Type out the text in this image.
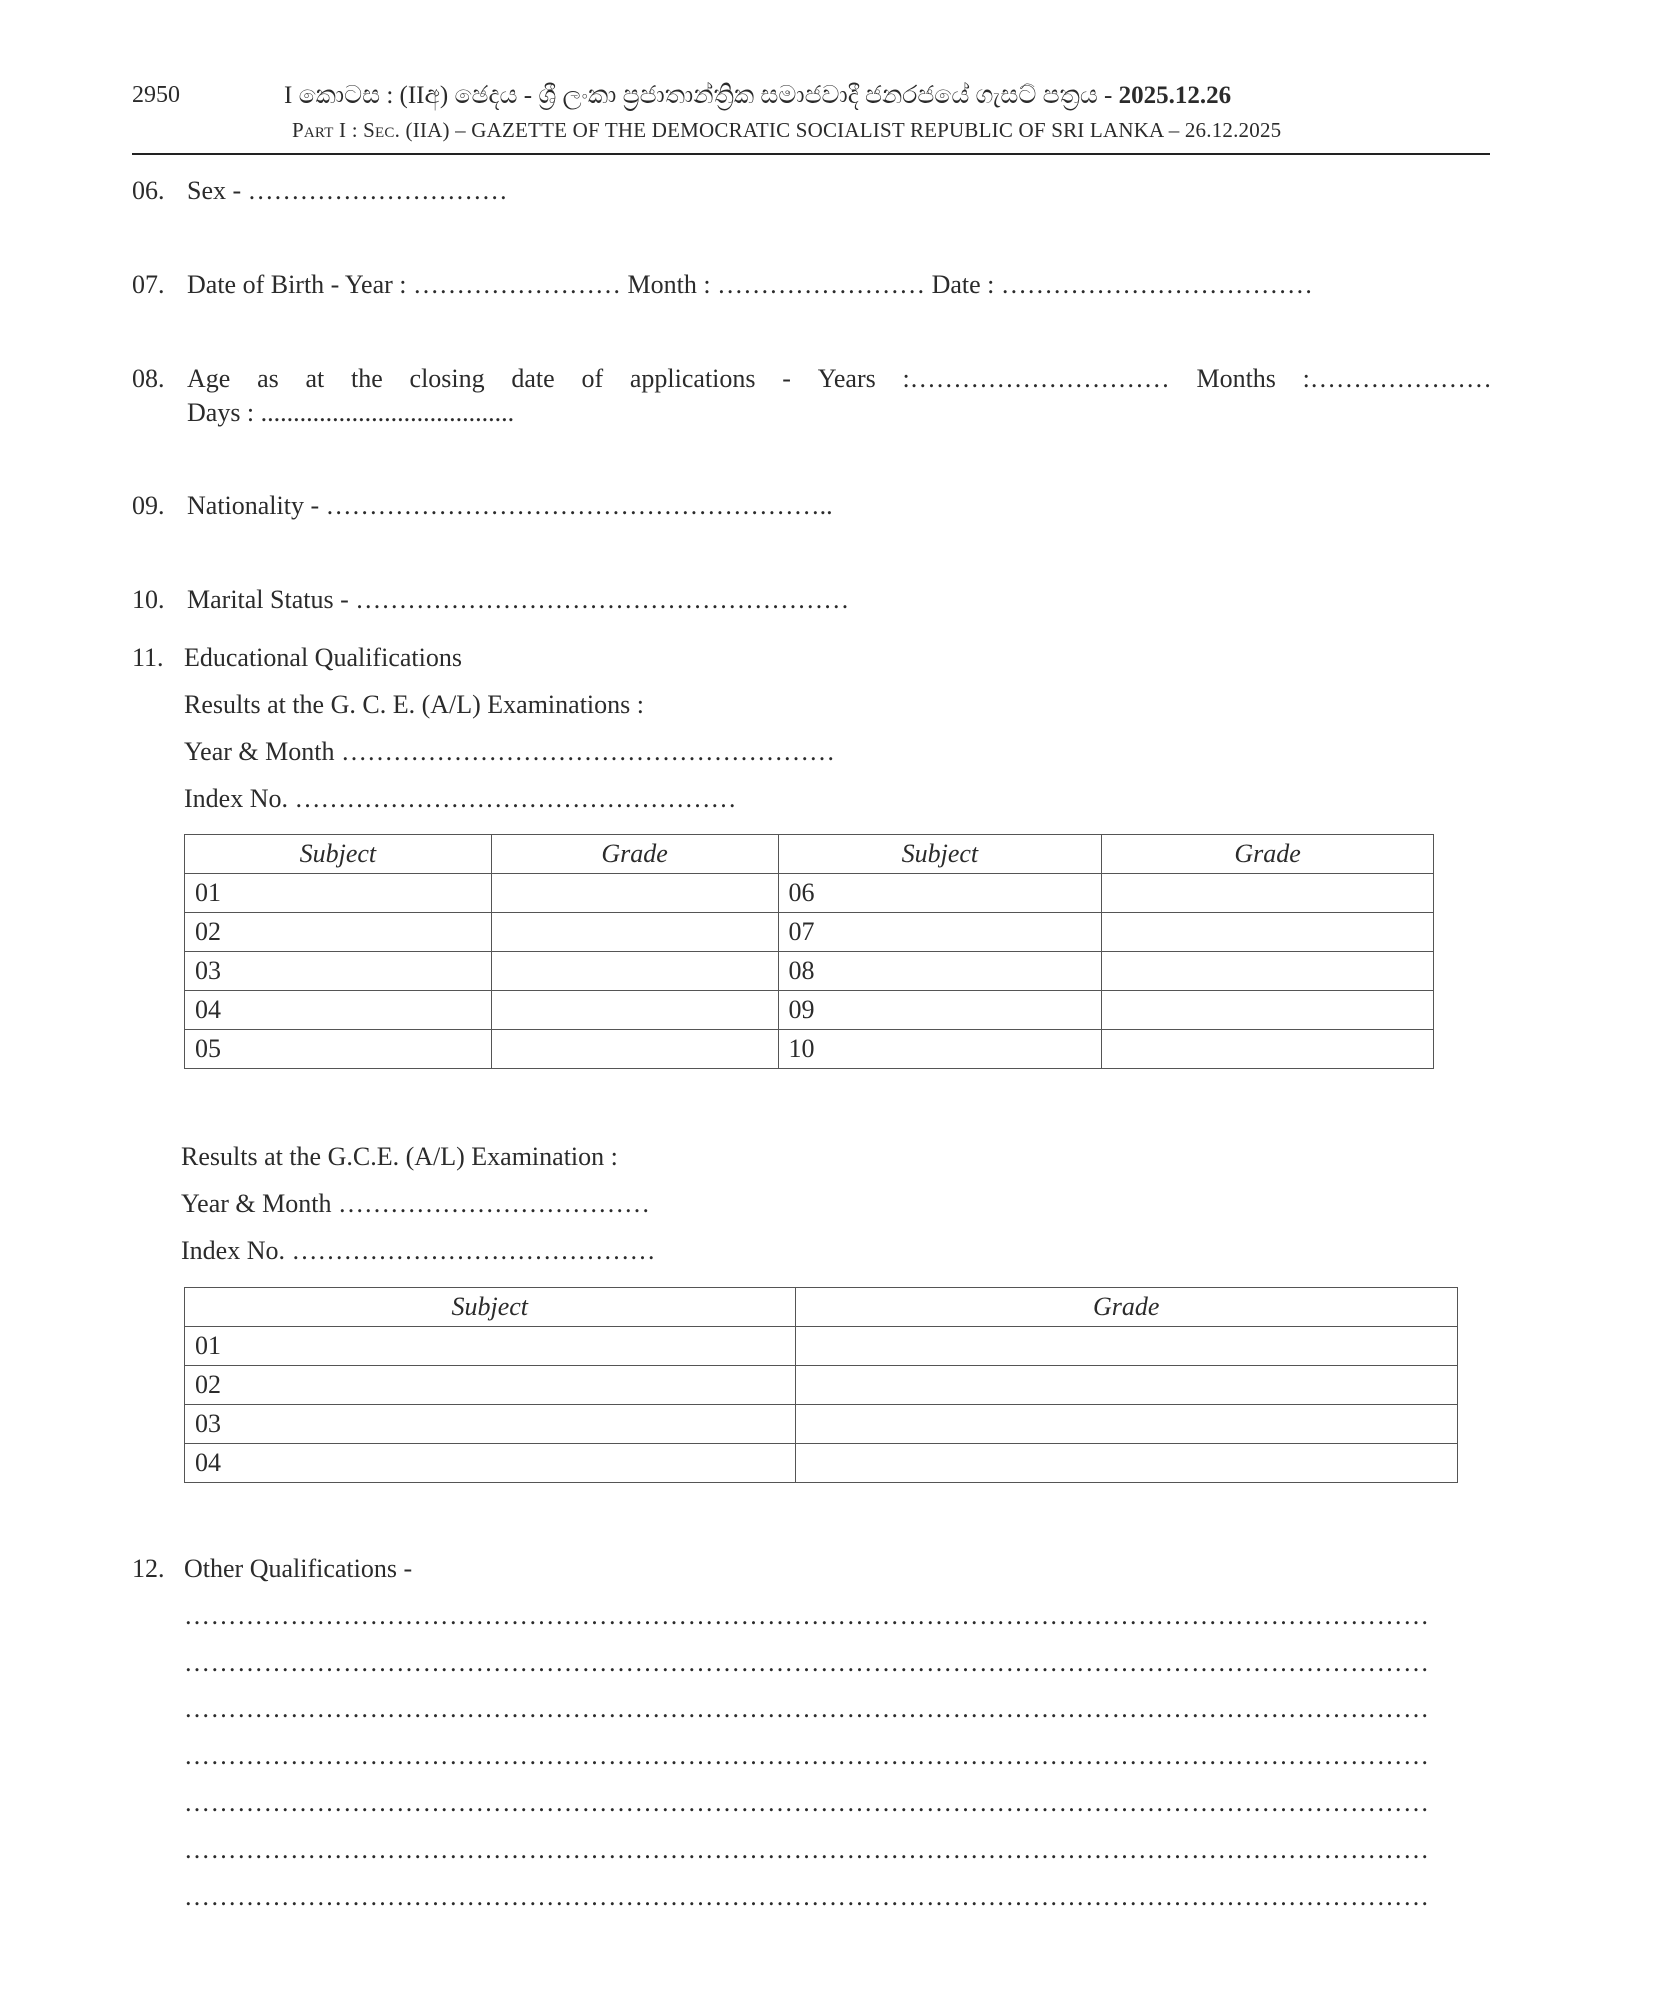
2950	I කොටස : (IIඅ) ඡෙදය - ශ්‍රී ලංකා ප්‍රජාතාන්ත්‍රික සමාජවාදී ජනරජයේ ගැසට් පත්‍රය - 2025.12.26
Part I : Sec. (IIA) – GAZETTE OF THE DEMOCRATIC SOCIALIST REPUBLIC OF SRI LANKA – 26.12.2025
06. Sex - …………………………
07. Date of Birth - Year : …………………… Month : …………………… Date : ………………………………
08. Age as at the closing date of applications - Years :………………………… Months :…………………
Days : .......................................
09. Nationality - …………………………………………………..
10. Marital Status - …………………………………………………
11. Educational Qualifications
Results at the G. C. E. (A/L) Examinations :
Year & Month …………………………………………………
Index No. ……………………………………………
Subject	Grade	Subject	Grade
01		06	
02		07	
03		08	
04		09	
05		10	
Results at the G.C.E. (A/L) Examination :
Year & Month ………………………………
Index No. ……………………………………
Subject	Grade
01	
02	
03	
04	
12. Other Qualifications -
……………………………………………………………………………………………………………………………
……………………………………………………………………………………………………………………………
……………………………………………………………………………………………………………………………
……………………………………………………………………………………………………………………………
……………………………………………………………………………………………………………………………
……………………………………………………………………………………………………………………………
……………………………………………………………………………………………………………………………
